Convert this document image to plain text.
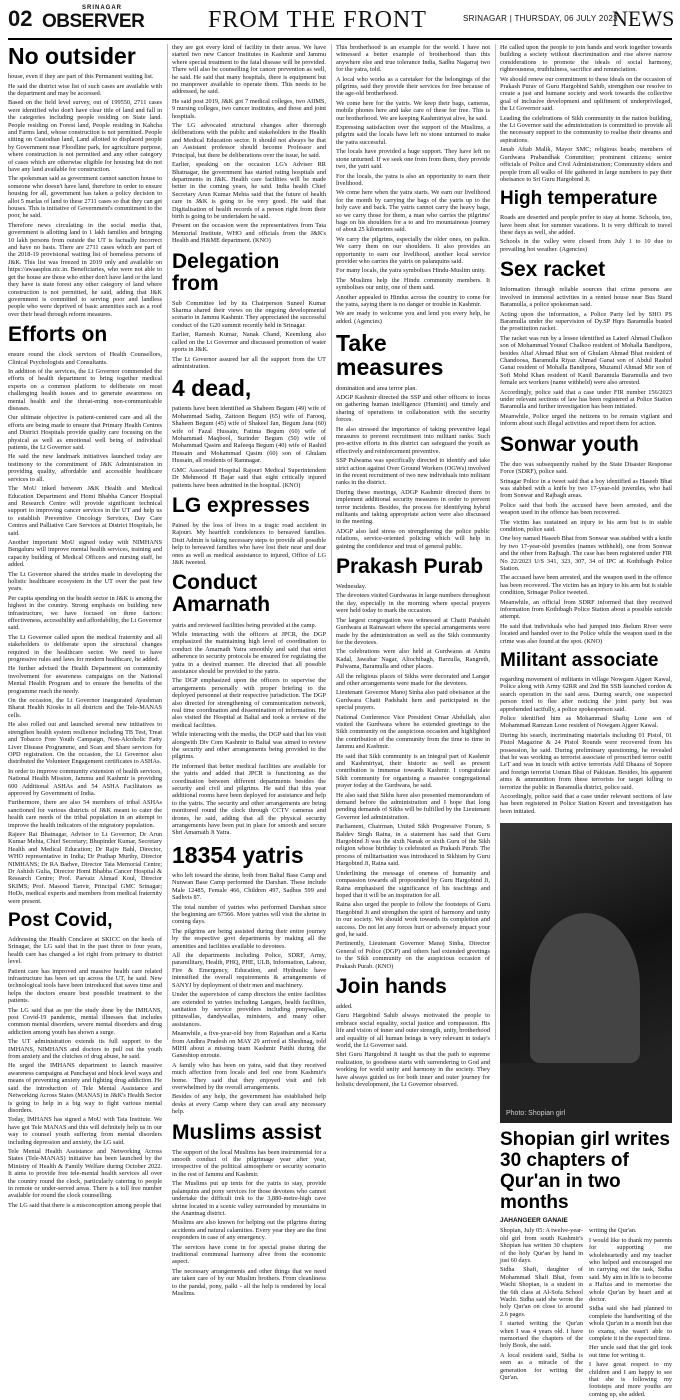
02	SRINAGAR
OBSERVER	FROM THE FRONT	SRINAGAR | THURSDAY, 06 JULY 2023
NEWS
No outsider

house, even if they are part of this Permanent waiting list.

He said the district wise list of such cases are available with the department and may be accessed.

Based on the field level survey, out of 199550, 2711 cases were identified who don't have clear title of land and fall in the categories including people residing on State land. People residing on Forest land, People residing in Kahcha and Farms land, whose construction is not permitted. People sitting on Custodian land, Land allotted to displaced people by Government near Floodline park, for agriculture purpose, where construction is not permitted and any other category of cases which are otherwise eligible for housing but do not have any land available for construction.

The spokesman said as government cannot sanction house to someone who doesn't have land, therefore in order to ensure housing for all, government has taken a policy decision to allot 5 marlas of land to these 2711 cases so that they can get houses. This is initiative of Government's commitment to the poor, he said.

Therefore news circulating in the social media that, government is allotting land to 1 lakh families and bringing 10 lakh persons from outside the UT is factually incorrect and have no basis. There are 2711 cases which are part of the 2018-19 provisional waiting list of homeless persons of J&K. This list was freezed in 2019 only and available on https://awaasplus.nic.in. Beneficiaries, who were not able to get the house are those who either don't have land or the land they have is state forest any other category of land where construction is not permitted, he said, adding that J&K government is committed to serving poor and landless people who were deprived of basic amenities such as a roof over their head through reform measures.

Efforts on

ensure round the clock services of Health Counsellors, Clinical Psychologists and Consultants.

In addition of the services, the Lt Governor commended the efforts of health department to bring together medical experts on a common platform to deliberate on most challenging health issues and to generate awareness on mental health and the threat-ening non-communicable diseases.

Our ultimate objective is patient-centered care and all the efforts are being made to ensure that Primary Health Centres and District Hospitals provide quality care focusing on the physical as well as emotional well being of individual patients, the Lt Governor said.

He said the new landmark initiatives launched today are testimony to the commitment of J&K Administration in providing quality, affordable and accessible healthcare services to all.

The MoU inked between J&K Health and Medical Education Department and Homi Bhabha Cancer Hospital and Research Centre will provide significant technical support to improving cancer services in the UT and help us to establish Preventive Oncology Services, Day Care Centres and Palliative Care Services at District Hospitals, he said.

Another important MoU signed today with NIMHANS Bengaluru will improve mental health services, training and capacity building of Medical Officers and nursing staff, he added.

The Lt Governor shared the strides made in developing the holistic healthcare ecosystem in the UT over the past few years.

Per capita spending on the health sector in J&K is among the highest in the country. Strong emphasis on building new infrastructure, we have focused on three factors: effectiveness, accessibility and affordability, the Lt Governor said.

The Lt Governor called upon the medical fraternity and all stakeholders to deliberate upon the structural changes required in the healthcare sector. We need to have progressive rules and laws for modern healthcare, he added.

He further advised the Health Department on community involvement for awareness campaigns on the National Mental Health Program and to ensure the benefits of the programme reach the needy.

On the occasion, the Lt Governor inaugurated Ayushman Bharat Health Kiosks in all districts and the Tele-MANAS cells.

He also rolled out and launched several new initiatives to strengthen health system resilience including TB Test, Treat and Tobacco Free Youth Campaign, Non-Alcoholic Fatty Liver Disease Programme, and Scan and Share services for OPD registration. On the occasion, the Lt Governor also distributed the Volunteer Engagement certificates to ASHAs.

In order to improve community extension of health services, National Health Mission, Jammu and Kashmir is providing 600 Additional ASHAs and 54 ASHA Facilitators as approved by Government of India.

Furthermore, there are also 54 members of tribal ASHAs sanctioned for various districts of J&K meant to cater the health care needs of the tribal population in an attempt to improve the health indicators of the migratory population.

Rajeev Rai Bhatnagar, Advisor to Lt Governor; Dr Arun Kumar Mehta, Chief Secretary; Bhupinder Kumar, Secretary Health and Medical Education; Dr Rajiv Bahl, Director, WHO representative in India; Dr Prathap Murthy, Director NIMHANS; Dr RA Badwe, Director Tata Memorial Centre; Dr Ashish Gulia, Director Homi Bhabha Cancer Hospital & Research Centre; Prof. Parvaiz Ahmad Koul, Director SKIMS; Prof. Masood Tanvir, Principal GMC Srinagar; HoDs, medical experts and members from medical fraternity were present.

Post Covid,

Addressing the Health Conclave at SKICC on the heels of Srinagar, the LG said that in the past three to four years, health care has changed a lot right from primary to district level.

Patient care has improved and massive health care related infrastructure has been set up across the UT, he said. New technological tools have been introduced that saves time and helps the doctors ensure best possible treatment to the patients.

The LG said that as per the study done by the IMHANS, post Covid-19 pandemic, mental illnesses that includes common mental disorders, severe mental disorders and drug addiction among youth has shown a surge.

The UT administration extends its full support to the IMHANS, NIMHANS and doctors to pull out the youth from anxiety and the clutches of drug abuse, he said.

He urged the IMHANS department to launch massive awareness campaigns at Panchayat and block level ways and means of preventing anxiety and fighting drug addiction. He said the introduction of Tele Mental Assistance and Networking Across States (MANAS) in J&K's Health Sector is going to help in a big way to fight various mental disorders.

Today, IMHANS has signed a MoU with Tata Institute. We have got Tele MANAS and this will definitely help us in our way to counsel youth suffering from mental disorders including depression and anxiety, the LG said.

Tele Mental Health Assistance and Networking Across States (Tele-MANAS) initiative has been launched by the Ministry of Health & Family Welfare during October 2022. It aims to provide free tele-mental health services all over the country round the clock, particularly catering to people in remote or under-served areas. There is a toll free number available for round the clock counselling.

The LG said that there is a misconception among people that

they are got every kind of facility in their areas. We have started two new Cancer Institutes in Kashmir and Jammu where special treatment to the fatal disease will be provided. There will also be counselling for cancer prevention as well, he said. He said that many hospitals, there is equipment but no manpower available to operate them. This needs to be addressed, he said.

He said post 2019, J&K got 7 medical colleges, two AIIMS, 9 nursing colleges, two cancer institutes, and those and joint hospitals.

The LG advocated structural changes after thorough deliberations with the public and stakeholders in the Health and Medical Education sector. It should not always be that an Assistant professor should become Professor and Principal, but there be deliberations over the issue, he said.

Earlier, speaking on the occasion LG's Adviser RR Bhatnagar, the government has started rating hospitals and departments in J&K. Health care facilities will be made better in the coming years, he said. India health Chief Secretary Arun Kumar Mehta said that the future of health care in J&K is going to be very good. He said that Digitalisation of health records of a person right from their birth is going to be undertaken he said.

Present on the occasion were the representatives from Tata Memorial Institute, WHO and officials from the J&K's Health and H&ME department. (KNO)

Delegation from

Sub Committee led by its Chairperson Suneel Kumar Sharma shared their views on the ongoing developmental scenario in Jammu Kashmir. They appreciated the successful conduct of the G20 summit recently held in Srinagar.

Earlier, Ramesh Kumar, Nanak Chand, Keemlung also called on the Lt Governor and discussed promotion of water sports in J&K.

The Lt Governor assured her all the support from the UT administration.

4 dead,

patients have been identified as Shaheen Begum (49) wife of Mohammad Sadiq, Zaitoon Begum (65) wife of Farooq, Shaheen Begum (45) wife of Shakeel Jan, Begum Jana (60) wife of Fazal Hussain, Fatima Begum (60) wife of Mohammad Maqbool, Surinder Begum (50) wife of Mohammad Qasim and Rafeeqa Begum (40) wife of Rashid Hussain and Mohammad Qasim (60) son of Ghulam Hussain, all residents of Ramnagar.

GMC Associated Hospital Rajouri Medical Superintendent Dr Mehmood H Bajar said that eight critically injured patients have been admitted in the hospital. (KNO)

LG expresses

Pained by the loss of lives in a tragic road accident in Rajouri. My heartfelt condolences to bereaved families. Distt Admin is taking necessary steps to provide all possible help to bereaved families who have lost their near and dear ones as well as medical assistance to injured, Office of LG J&K tweeted.

Conduct Amarnath

yatris and reviewed facilities being provided at the camp.

While interacting with the officers at JPCR, the DGP emphasized the maintaining high level of coordination to conduct the Amarnath Yatra smoothly and said that strict adherence to security protocols be ensured for regulating the yatra in a desired manner. He directed that all possible assistance should be provided to the yatris.

The DGP emphasized upon the officers to supervise the arrangements personally with proper briefing to the deployed personnel at their respective jurisdiction. The DGP also directed for strengthening of communication network, real time coordination and dissemination of information. He also visited the Hospital at Baltal and took a review of the medical facilities.

While interacting with the media, the DGP said that his visit alongwith Div Com Kashmir to Baltal was aimed to review the security and other arrangements being provided to the pilgrims.

He informed that better medical facilities are available for the yatris and added that JPCR is functioning as the coordination between different departments besides the security and civil and pilgrims. He said that this year additional rooms have been deployed for assistance and help to the yatris. The security and other arrangements are being monitored round the clock through CCTV cameras and drones, he said, adding that all the physical security arrangements have been put in place for smooth and secure Shri Amarnath Ji Yatra.

18354 yatris

who left toward the shrine, both from Baltal Base Camp and Nunwan Base Camp performed the Darshan. These include Male 12485, Female 466, Children 497, Sadhus 599 and Sadhvis 87.

The total number of yatries who performed Darshan since the beginning are 67566. More yatries will visit the shrine in coming days.

The pilgrims are being assisted during their entire journey by the respective govt departments by making all the amenities and facilities available to devotees.

All the departments including Police, SDRF, Army, paramilitary, Health, PHQ, PHE, ULB, Information, Labour, Fire & Emergency, Education, and Hydraulic have intensified the overall requirements & arrangements of SANYJ by deployment of their men and machinery.

Under the supervision of camp directors the entire facilities are extended to yatries including Langars, health facilities, sanitation by service providers including ponywallas, pittuwallas, dandywallas, ministers, and many other assistances.

Meanwhile, a five-year-old boy from Rajasthan and a Karta from Andhra Pradesh on MAY 29 arrived at Sheshnag, told MIHI about a missing team Kashmir Patthi during the Ganeshtop enroute.

A family who has been on yatra, said that they received much affection from locals and feel one from Kashmir's home. They said that they enjoyed visit and felt overwhelmed by the overall arrangements.

Besides of any help, the government has established help desks at every Camp where they can avail any necessary help.

Muslims assist

The support of the local Muslims has been instrumental for a smooth conduct of the pilgrimage year after year, irrespective of the political atmosphere or security scenario in the rest of Jammu and Kashmir.

The Muslims put up tents for the yatris to stay, provide palanquins and pony services for those devotees who cannot undertake the difficult trek to the 3,880-metre-high cave shrine located in a scenic valley surrounded by mountains in the Anantnag district.

Muslims are also known for helping out the pilgrims during accidents and natural calamities. Every year they are the first responders in case of any emergency.

The services have come in for special praise during the traditional communal harmony alive from the economic aspect.

The necessary arrangements and other things that we need are taken care of by our Muslim brothers. From cleanliness to the pandal, pony, palki - all the help is rendered by local Muslims.

This brotherhood is an example for the world. I have not witnessed a better example of brotherhood than this anywhere else and true tolerance India, Sadhu Nagarraj two for the yatra, told.

A local who works as a caretaker for the belongings of the pilgrims, said they provide their services for free because of the age-old brotherhood.

We come here for the yatris. We keep their bags, cameras, mobile phones here and take care of these for free. This is our brotherhood. We are keeping Kashmiriyat alive, he said.

Expressing satisfaction over the support of the Muslims, a pilgrim said the locals have left no stone unturned to make the yatra successful.

The locals have provided a huge support. They have left no stone unturned. If we seek one from from them, they provide two, the yatri said.

For the locals, the yatra is also an opportunity to earn their livelihood.

We come here when the yatra starts. We earn our livelihood for the month by carrying the bags of the yatris up to the holy cave and back. The yatris cannot carry the heavy bags, so we carry those for them, a man who carries the pilgrims' bags on his shoulders for a to and fro mountainous journey of about 25 kilometres said.

We carry the pilgrims, especially the older ones, on palkis. We carry them on our shoulders. It also provides an opportunity to earn our livelihood, another local service provider who carries the yatris on palanquins said.

For many locals, the yatra symbolises Hindu-Muslim unity.

The Muslims help the Hindu community members. It symbolises our unity, one of them said.

Another appealed to Hindus across the country to come for the yatra, saying there is no danger or trouble in Kashmir.

We are ready to welcome you and lend you every help, he added. (Agencies)

Take measures

domination and area terror plan.

ADGP Kashmir directed the SSP and other officers to focus on gathering human intelligence (Humint) and timely and sharing of operations in collaboration with the security forces.

He also stressed the importance of taking preventive legal measures to prevent recruitment into militant ranks. Such pro-active efforts in this district can safeguard the youth as effectively and reinforcement preventive.

SSP Pulwama was specifically directed to identify and take strict action against Over Ground Workers (OGWs) involved in the recent recruitment of two new individuals into militant ranks in the district.

During these meetings, ADGP Kashmir directed them to implement additional security measures in order to prevent terror incidents. Besides, the process for identifying hybrid militants and taking appropriate action were also discussed in the meeting.

ADGP also laid stress on strengthening the police public relations, service-oriented policing which will help in gaining the confidence and trust of general public.

Prakash Purab

Wednesday.

The devotees visited Gurdwaras in large numbers throughout the day, especially in the morning where special prayers were held today to mark the occasion.

The largest congregation was witnessed at Chatti Patshahi Gurdwara at Rainawari where the special arrangements were made by the administration as well as the Sikh community for the devotees.

The celebrations were also held at Gurdwaras at Amira Kadal, Jawahar Nagar, Aliochibagh, Barzulla, Rangreth, Pulwama, Baramulla and other places.

All the religious places of Sikhs were decorated and Langar and other arrangements were made for the devotees.

Lieutenant Governor Manoj Sinha also paid obeisance at the Gurdwara Chatti Padshahi here and participated in the special prayers.

National Conference Vice President Omar Abdullah, also visited the Gurdwara where he extended greetings to the Sikh community on the auspicious occasion and highlighted the contribution of the community from the time to time in Jammu and Kashmir.

He said that Sikh community is an integral part of Kashmir and Kashmiriyat, their historic as well as present contribution is immense towards Kashmir. I congratulate Sikh community for organising a massive congregational prayer today at the Gurdwara, he said.

He also said that Sikhs have also presented memorandum of demand before the administration and I hope that long pending demands of Sikhs will be fulfilled by the Lieutenant Governor led administration.

Parliament, Chairman, United Sikh Progressive Forum, S Baldev Singh Raina, in a statement has said that Guru Hargobind Ji was the sixth Nanak or sixth Guru of the Sikh religion whose birthday is celebrated as Prakash Purab. The process of militarisation was introduced in Sikhism by Guru Hargobind Ji, Raina said.

Underlining the message of oneness of humanity and compassion towards all propounded by Guru Hargobind Ji, Raina emphasised the significance of his teachings and hoped that it will be an inspiration for all.

Raina also urged the people to follow the footsteps of Guru Hargobind Ji and strengthen the spirit of harmony and unity in our society. We should work towards its completion and success. Do not let any forces hurt or adversely impact your god, he said.

Pertinently, Lieutenant Governor Manoj Sinha, Director General of Police (DGP) and others had extended greetings to the Sikh community on the auspicious occasion of Prakash Purab. (KNO)

Join hands

added.

Guru Hargobind Sahib always motivated the people to embrace social equality, social justice and compassion. His life and vision of inner and outer strength, unity, brotherhood and equality of all human beings is very relevant in today's world, the Lt Governor said.

Shri Guru Hargobind Ji taught us that the path to supreme realization, to goodness starts with surrendering to God and working for world unity and harmony in the society. They have always guided us for both inner and outer journey for holistic development, the Lt Governor observed.

He called upon the people to join hands and work together towards building a society without discrimination and rise above narrow considerations to promote the ideals of social harmony, righteousness, truthfulness, sacrifice and renunciation.

We should renew our commitment to these ideals on the occasion of Prakash Purav of Guru Hargobind Sahib, strengthen our resolve to create a just and humane society and work towards the collective goal of inclusive development and upliftment of underprivileged, the Lt Governor said.

Leading the celebrations of Sikh community in the nation building, the Lt Governor said the administration is committed to provide all the necessary support to the community to realise their dreams and aspirations.

Janab Aftab Malik, Mayor SMC; religious heads; members of Gurdwara Prabandhak Committee; prominent citizens; senior officials of Police and Civil Administration; Community elders and people from all walks of life gathered in large numbers to pay their obeisance to Sri Guru Hargobind Ji.

High temperature

Roads are deserted and people prefer to stay at home. Schools, too, have been shut for summer vacations. It is very difficult to travel these days as well, she added.

Schools in the valley were closed from July 1 to 10 due to prevailing hot weather. (Agencies)

Sex racket

Information through reliable sources that crime persons are involved in immoral activities in a rented house near Bus Stand Baramulla, a police spokesman said.

Acting upon the information, a Police Party led by SHO PS Baramulla under the supervision of Dy.SP Hqrs Baramulla busted the prostitution racket.

The racket was run by a lessee identified as Lateef Ahmad Chalkoo son of Mohammad Yousuf Chalkoo resident of Mohalla Bandipora, besides Altaf Ahmad Bhat son of Ghulam Ahmad Bhat resident of Chandoosa, Baramulla Riyaz Ahmad Ganai son of Abdul Rashid Ganai resident of Mohalla Bandipora, Muzamil Ahmad Mir son of Sofi Mohd Khan resident of Kanil Baramula Baramulla and two female sex workers (name withheld) were also arrested.

Accordingly, police said that a case under FIR number 156/2023 under relevant sections of law has been registered at Police Station Baramulla and further investigation has been initiated.

Meanwhile, Police urged the netizens to be remain vigilant and inform about such illegal activities and report them for action.

Sonwar youth

The duo was subsequently rushed by the State Disaster Response Force (SDRF), police said.

Srinagar Police in a tweet said that a boy identified as Haseeb Bhat was stabbed with a knife by two 17-year-old juveniles, who hail from Sonwar and Rajbagh areas.

Police said that both the accused have been arrested, and the weapon used in the offence has been recovered.

The victim has sustained an injury to his arm but is in stable condition, police said.

One boy named Haseeb Bhat from Sonwar was stabbed with a knife by two 17-year-old juveniles (names withheld), one from Sonwar and the other from Rajbagh. The case has been registered under FIR No 22/2023 U/S 341, 323, 307, 34 of IPC at Kothibagh Police Station.

The accused have been arrested, and the weapon used in the offence has been recovered. The victim has an injury to his arm but is stable condition, Srinagar Police tweeted.

Meanwhile, an official from SDRF informed that they received information from Kothibagh Police Station about a possible suicide attempt.

He said that individuals who had jumped into Jhelum River were located and handed over to the Police while the weapon used in the crime was also found at the spot. (KNO)

Militant associate

regarding movement of militants in village Nowgam Ajgeer Kawal, Police along with Army 62RR and 2nd Bn SSB launched cordon & search operation in the said area. During search, one suspected person tried to flee after noticing the joint party but was apprehended tactfully, a police spokesperson said.

Police identified him as Mohammad Shafiq Lone son of Mohammad Ramzan Lone resident of Nowgam Ajgeer Kawal.

During his search, incriminating materials including 01 Pistol, 01 Pistol Magazine & 24 Pistol Rounds were recovered from his possession, he said. During preliminary questioning, he revealed that he was working as terrorist associate of proscribed terror outfit LeT and was in touch with active terrorists Adil Dhaaza of Sopore and foreign terrorist Usman Bhai of Pakistan. Besides, his apparent aims & ammunition from these terrorists for target killing to terrorize the public in Baramulla district, police said.

Accordingly, police said that a case under relevant sections of law has been registered in Police Station Kreeri and investigation has been initiated.

Photo: Shopian girl
Shopian girl writes 30 chapters of Qur'an in two months
JAHANGEER GANAIE

Shopian, July 05: A twelve-year-old girl from south Kashmir's Shopian has written 30 chapters of the holy Qur'an by hand in just 60 days.

Sidha Shafi, daughter of Mohammad Shafi Bhat, from Wachi Shopian, is a student in the 6th class at Al-Sofa School Wachi. Sidha said she wrote the holy Qur'an on close to around 2.6 pages.

I started writing the Qur'an when I was 4 years old. I have memorised the chapters of the holy Book, she said.

A local resident said, Sidha is seen as a miracle of the generation for writing the Qur'an.

writing the Qur'an.

I would like to thank my parents for supporting me wholeheartedly and my teacher who helped and encouraged me in carrying out the task, Sidha said. My aim in life is to become a Hafiza and to memorise the whole Qur'an by heart and at doctor.

Sidha said she had planned to complete the handwriting of the whole Qur'an in a month but due to exams, she wasn't able to complete it in the expected time.

Her uncle said that the girl took out time for writing it.

I have great respect to my children and I am happy to see that she is following my footsteps and more youths are coming up, she added.
